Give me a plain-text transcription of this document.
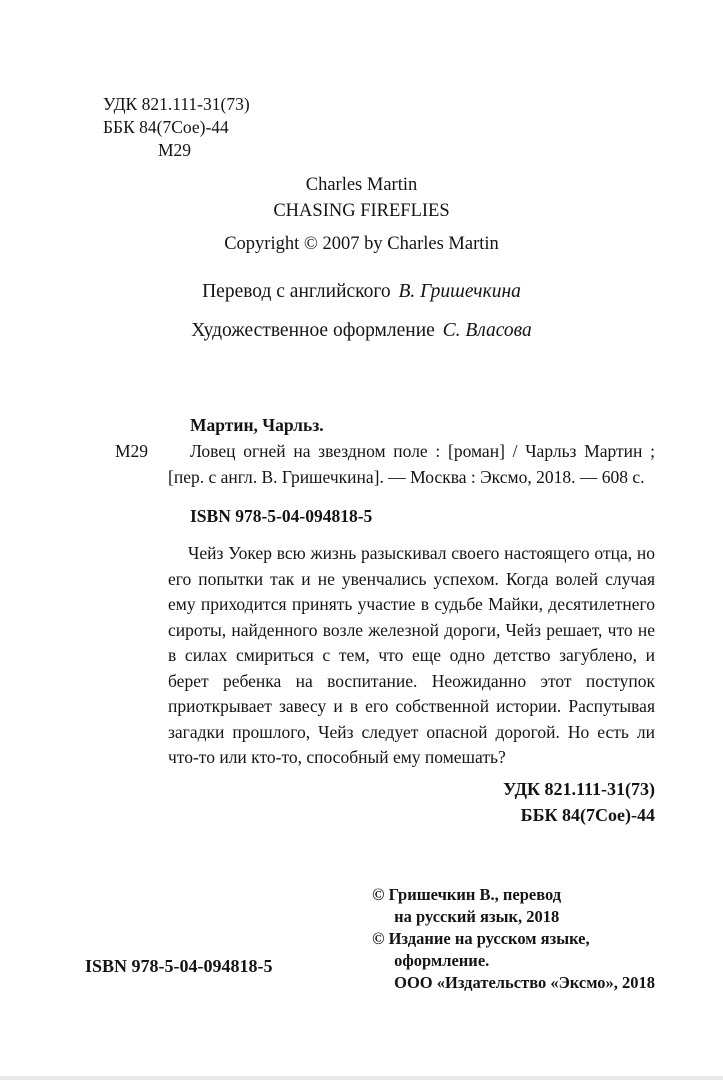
УДК 821.111-31(73)
ББК 84(7Сое)-44
М29
Charles Martin
CHASING FIREFLIES
Copyright © 2007 by Charles Martin
Перевод с английского В. Гришечкина
Художественное оформление С. Власова
Мартин, Чарльз.
М29	Ловец огней на звездном поле : [роман] / Чарльз Мартин ; [пер. с англ. В. Гришечкина]. — Москва : Эксмо, 2018. — 608 с.
ISBN 978-5-04-094818-5
Чейз Уокер всю жизнь разыскивал своего настоящего отца, но его попытки так и не увенчались успехом. Когда волей случая ему приходится принять участие в судьбе Майки, десятилетнего сироты, найденного возле железной дороги, Чейз решает, что не в силах смириться с тем, что еще одно детство загублено, и берет ребенка на воспитание. Неожиданно этот поступок приоткрывает завесу и в его собственной истории. Распутывая загадки прошлого, Чейз следует опасной дорогой. Но есть ли что-то или кто-то, способный ему помешать?
УДК 821.111-31(73)
ББК 84(7Сое)-44
ISBN 978-5-04-094818-5
© Гришечкин В., перевод
на русский язык, 2018
© Издание на русском языке,
оформление.
ООО «Издательство «Эксмо», 2018
